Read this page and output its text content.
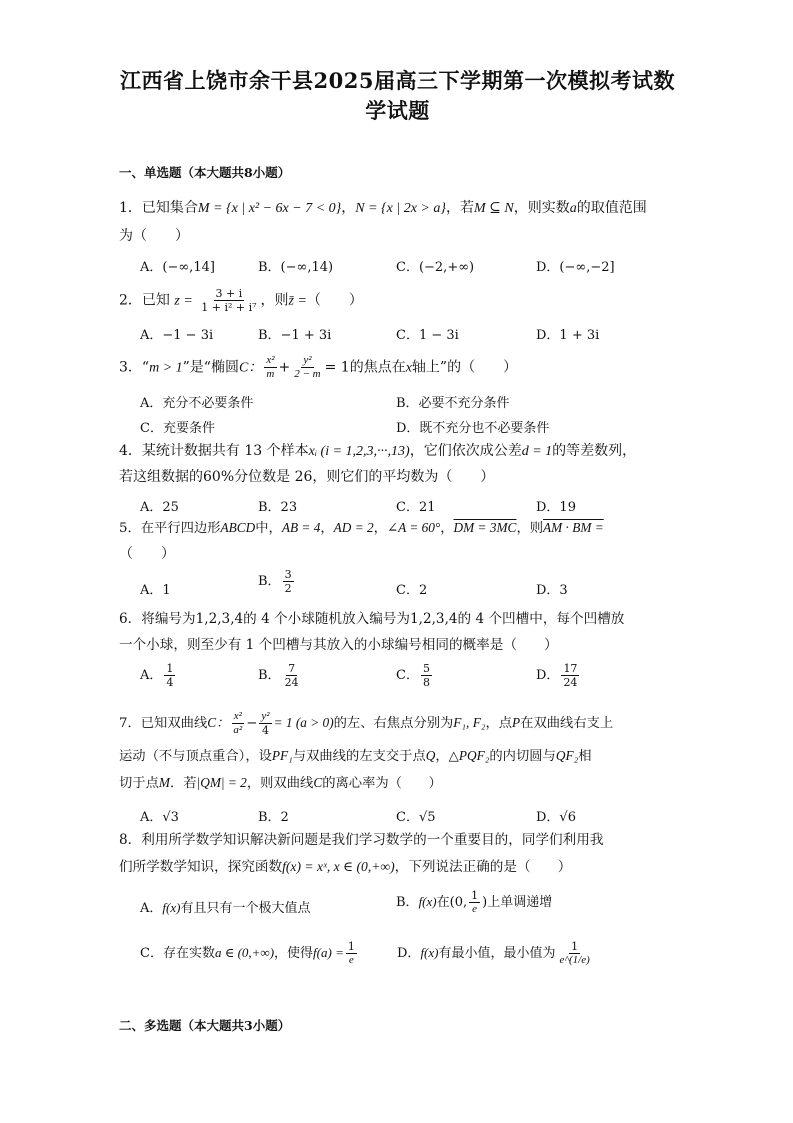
江西省上饶市余干县2025届高三下学期第一次模拟考试数
学试题
一、单选题（本大题共8小题）
1．已知集合M = {x | x² − 6x − 7 < 0}，N = {x | 2x > a}，若M ⊆ N，则实数a的取值范围
为（　　）
A．(−∞,14]	B．(−∞,14)	C．(−2,+∞)	D．(−∞,−2]
2．已知 $z = \frac{3 + i}{\text{1 + i² + i⁷}}$ ，则z̄ =（　　）
A．−1 − 3i	B．−1 + 3i	C．1 − 3i	D．1 + 3i
3．“m > 1”是“椭圆C： $\frac{\text{x²}}{m} + \frac{\text{y²}}{2 - m} = 1$的焦点在x轴上”的（　　）
A．充分不必要条件	B．必要不充分条件
C．充要条件	D．既不充分也不必要条件
4．某统计数据共有 13 个样本xᵢ (i = 1,2,3,···,13)，它们依次成公差d = 1的等差数列，
若这组数据的60%分位数是 26，则它们的平均数为（　　）
A．25	B．23	C．21	D．19
5．在平行四边形ABCD中，AB = 4，AD = 2，∠A = 60°，DM = 3MC，则AM · BM =
（　　）
A．1
B． $\frac{3}{2}$	C．2	D．3
6．将编号为1,2,3,4的 4 个小球随机放入编号为1,2,3,4的 4 个凹槽中，每个凹槽放
一个小球，则至少有 1 个凹槽与其放入的小球编号相同的概率是（　　）
A． $\frac{1}{4}$	B． $\frac{7}{24}$	C． $\frac{5}{8}$	D． $\frac{17}{24}$
7．已知双曲线C： $\frac{\text{x²}}{\text{a²}} - \frac{\text{y²}}{4} = 1$ (a > 0)的左、右焦点分别为F₁, F₂，点P在双曲线右支上
运动（不与顶点重合），设PF₁与双曲线的左支交于点Q，△PQF₂的内切圆与QF₂相
切于点M．若|QM| = 2，则双曲线C的离心率为（　　）
A．√3	B．2	C．√5	D．√6
8．利用所学数学知识解决新问题是我们学习数学的一个重要目的，同学们利用我
们所学数学知识，探究函数f(x) = xˣ, x ∈ (0,+∞)，下列说法正确的是（　　）
A．f(x)有且只有一个极大值点	B．f(x)在(0, $\frac{1}{e}$ )上单调递增
C．存在实数a ∈ (0,+∞)，使得$f(a) = \frac{1}{e}$	D．f(x)有最小值，最小值为 $\frac{1}{e\^{}(1/e)}$
二、多选题（本大题共3小题）
